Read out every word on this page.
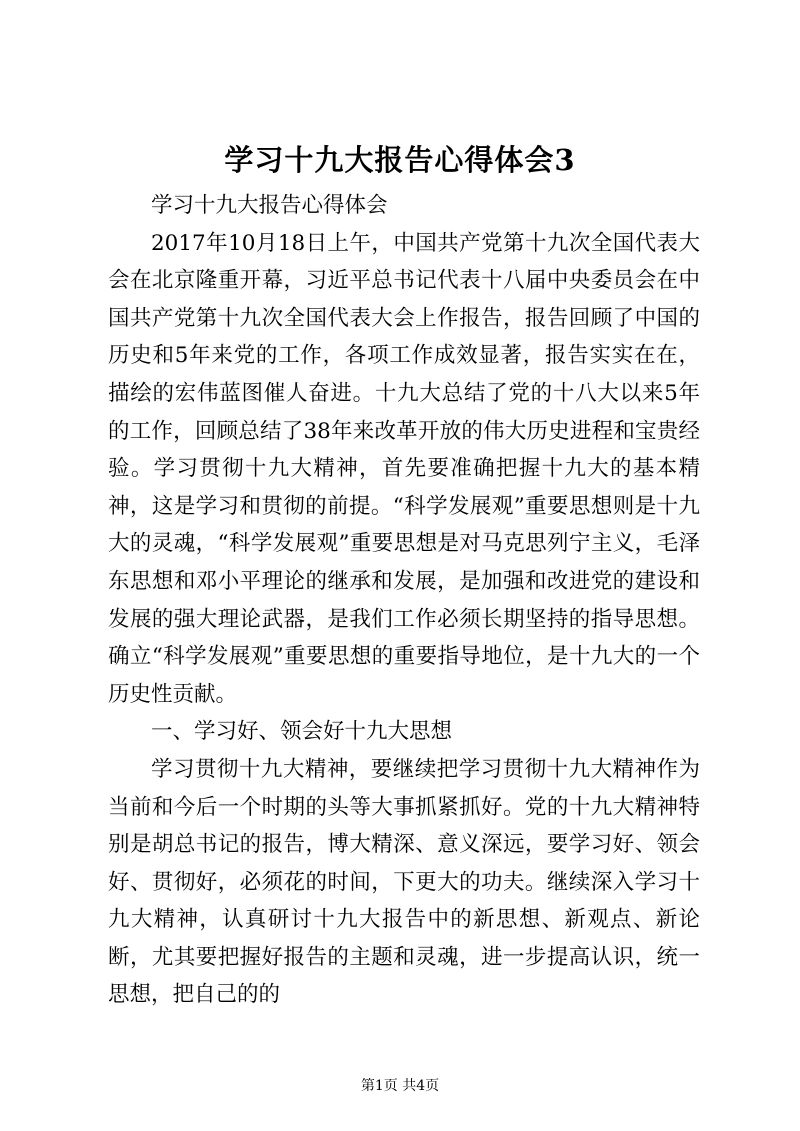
学习十九大报告心得体会3

学习十九大报告心得体会

2017年10月18日上午，中国共产党第十九次全国代表大会在北京隆重开幕，习近平总书记代表十八届中央委员会在中国共产党第十九次全国代表大会上作报告，报告回顾了中国的历史和5年来党的工作，各项工作成效显著，报告实实在在，描绘的宏伟蓝图催人奋进。十九大总结了党的十八大以来5年的工作，回顾总结了38年来改革开放的伟大历史进程和宝贵经验。学习贯彻十九大精神，首先要准确把握十九大的基本精神，这是学习和贯彻的前提。“科学发展观”重要思想则是十九大的灵魂，“科学发展观”重要思想是对马克思列宁主义，毛泽东思想和邓小平理论的继承和发展，是加强和改进党的建设和发展的强大理论武器，是我们工作必须长期坚持的指导思想。确立“科学发展观”重要思想的重要指导地位，是十九大的一个历史性贡献。

一、学习好、领会好十九大思想

学习贯彻十九大精神，要继续把学习贯彻十九大精神作为当前和今后一个时期的头等大事抓紧抓好。党的十九大精神特别是胡总书记的报告，博大精深、意义深远，要学习好、领会好、贯彻好，必须花的时间，下更大的功夫。继续深入学习十九大精神，认真研讨十九大报告中的新思想、新观点、新论断，尤其要把握好报告的主题和灵魂，进一步提高认识，统一思想，把自己的的

第1页 共4页
